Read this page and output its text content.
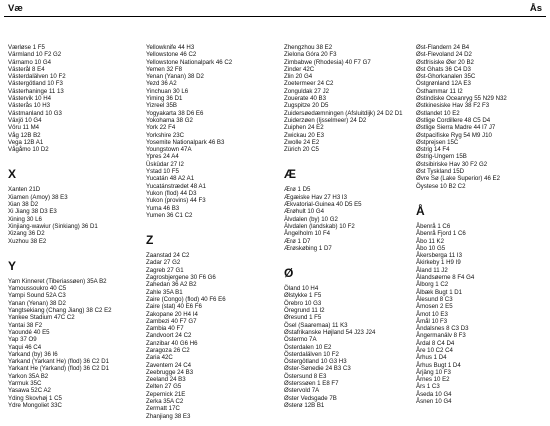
Væ	Ås
Værløse 1 F5
Värmland 10 F2 G2
Värnamo 10 G4
Västerål 8 E4
Västerdalälven 10 F2
Västergötland 10 F3
Västerhaninge 11 13
Västervik 10 H4
Västerås 10 H3
Västmanland 10 G3
Växjö 10 G4
Vöru 11 M4
Våg 12B B2
Vega 12B A1
Vågåmo 10 D2
X
Xanten 21D
Xiamen (Amoy) 38 E3
Xian 38 D2
Xi Jiang 38 D3 E3
Xining 30 L6
Xinjiang-wawiur (Sinkiang) 36 D1
Xizang 36 D2
Xuzhou 38 E2
Y
Yam Kinneret (Tiberiassøen) 35A B2
Yamoussoukro 40 C5
Yampi Sound 52A C3
Yanan (Yenan) 38 D2
Yangtsekiang (Chang Jiang) 38 C2 E2
Yankee Stadium 47C C2
Yantai 38 F2
Yaoundé 40 E5
Yap 37 O9
Yaqui 46 C4
Yarkand (by) 36 I6
Yarkand (Yarkant He) (flod) 36 C2 D1
Yarkant He (Yarkand) (flod) 36 C2 D1
Yarkon 35A B2
Yarmuk 35C
Yasawa 52C A2
Yding Skovhøj 1 C5
Ydre Mongoliet 33C
Yellowknife 44 H3
Yellowstone 46 C2
Yellowstone Nationalpark 46 C2
Yemen 32 F8
Yenan (Yanan) 38 D2
Yezd 36 A2
Yinchuan 30 L6
Yiming 36 D1
Yizreel 35B
Yogyakarta 38 D6 E6
Yokohama 38 G2
York 22 F4
Yorkshire 23C
Yosemite Nationalpark 46 B3
Youngstown 47A
Ypres 24 A4
Üsküdar 27 I2
Ystad 10 F5
Yucatán 48 A2 A1
Yucatánstrædet 48 A1
Yukon (flod) 44 D3
Yukon (provins) 44 F3
Yuma 46 B3
Yumen 36 C1 C2
Z
Zaanstad 24 C2
Zadar 27 G2
Zagreb 27 G1
Zagrosbjergene 30 F6 G6
Zahedan 36 A2 B2
Zahle 35A B1
Zaire (Congo) (flod) 40 F6 E6
Zaire (stat) 40 E6 F6
Zakopane 20 H4 I4
Zambezi 40 F7 G7
Zambia 40 F7
Zandvoort 24 C2
Zanzibar 40 G6 H6
Zaragoza 26 C2
Zaria 42C
Zaventem 24 C4
Zeebrugge 24 B3
Zeeland 24 B3
Zelten 27 G5
Zepernick 21E
Zerka 35A C2
Zermatt 17C
Zhanjiang 38 E3
Zhengzhou 38 E2
Zielona Góra 20 F3
Zimbabwe (Rhodesia) 40 F7 G7
Zinder 42C
Zlin 20 G4
Zoetermeer 24 C2
Zonguldak 27 J2
Zouerate 40 B3
Zugspitze 20 D5
Zuidersøedæmningen (Afsluitdijk) 24 D2 D1
Zuiderzøen (Ijsselmeer) 24 D2
Zuiphen 24 E2
Zwickau 20 E3
Zwolle 24 E2
Zürich 20 C5
Æ
Ærø 1 D5
Ægæiske Hav 27 H3 I3
Ækvatorial-Guinea 40 D5 E5
Ærøhult 10 G4
Älvdalen (by) 10 G2
Älvdalen (landskab) 10 F2
Ångelholm 10 F4
Ærø 1 D7
Ærøskøbing 1 D7
Ø
Öland 10 H4
Ølstykke 1 F5
Örebro 10 G3
Öregrund 11 I2
Øresund 1 F5
Ösel (Saaremaa) 11 K3
Østafrikanske Højland 54 J23 J24
Östermo 7A
Österdalen 10 E2
Österdalälven 10 F2
Östergötland 10 G3 H3
Øster-Sønedie 24 B3 C3
Östersund 8 E3
Østerssøen 1 E8 F7
Østervold 7A
Øster Vedsgade 7B
Østerø 12B B1
Øst-Flandern 24 B4
Øst-Flevoland 24 D2
Østfrisiske Øer 20 B2
Øst Ghats 36 C4 D3
Øst-Ghorkanalen 35C
Östgrønland 12A E3
Östhammar 11 I2
Østindiske Oceanryg 55 N29 N32
Østkinesiske Hav 38 F2 F3
Østlandet 10 E2
Østlige Cordillere 48 C5 D4
Østlige Sierra Madre 44 I7 J7
Østpacifiske Ryg 54 M9 J10
Østprejsen 15C
Østrig 14 F4
Østrig-Ungern 15B
Østsibiriske Hav 30 F2 G2
Øst Tyskland 15D
Øvre Sø (Lake Superior) 46 E2
Öystese 10 B2 C2
Å
Åbenrå 1 C6
Åbenrå Fjord 1 C6
Åbo 11 K2
Åbo 10 G5
Åkersberga 11 I3
Åkirkeby 1 H9 I9
Åland 11 J2
Ålandsøerne 8 F4 G4
Ålborg 1 C2
Ålbæk Bugt 1 D1
Ålesund 8 C3
Åmosen 2 E5
Åmot 10 E3
Åmål 10 F3
Åndalsnes 8 C3 D3
Ångermanälv 8 F3
Årdal 8 C4 D4
Åre 10 C2 C4
Århus 1 D4
Århus Bugt 1 D4
Årjäng 10 F3
Årnes 10 E2
Års 1 C3
Åseda 10 G4
Åsnen 10 G4
